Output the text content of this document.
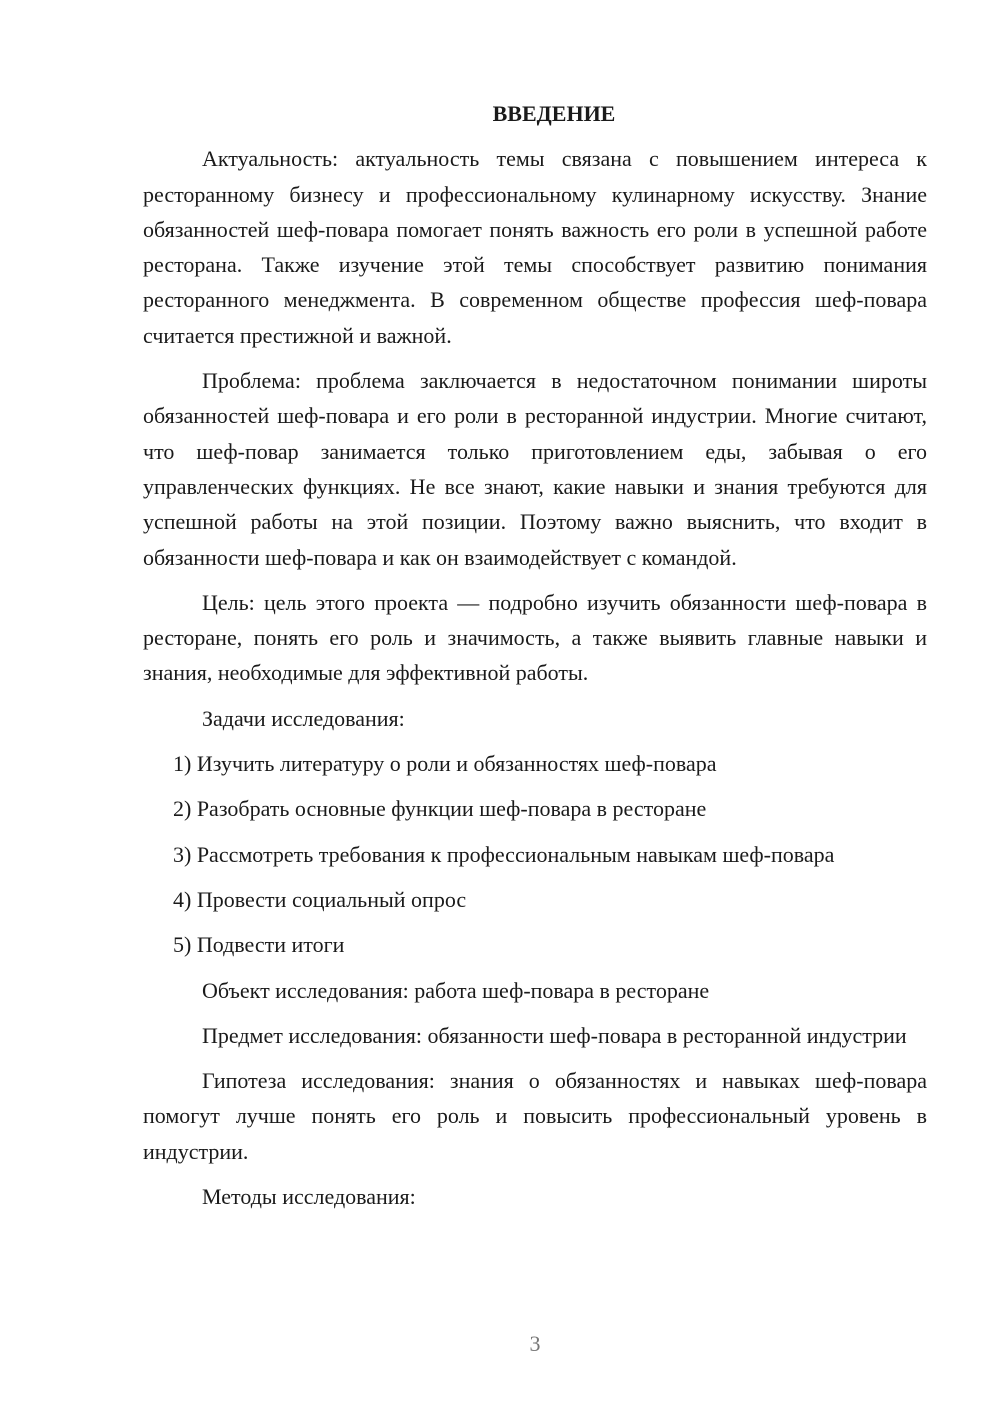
ВВЕДЕНИЕ

Актуальность: актуальность темы связана с повышением интереса к ресторанному бизнесу и профессиональному кулинарному искусству. Знание обязанностей шеф-повара помогает понять важность его роли в успешной работе ресторана. Также изучение этой темы способствует развитию понимания ресторанного менеджмента. В современном обществе профессия шеф-повара считается престижной и важной.

Проблема: проблема заключается в недостаточном понимании широты обязанностей шеф-повара и его роли в ресторанной индустрии. Многие считают, что шеф-повар занимается только приготовлением еды, забывая о его управленческих функциях. Не все знают, какие навыки и знания требуются для успешной работы на этой позиции. Поэтому важно выяснить, что входит в обязанности шеф-повара и как он взаимодействует с командой.

Цель: цель этого проекта — подробно изучить обязанности шеф-повара в ресторане, понять его роль и значимость, а также выявить главные навыки и знания, необходимые для эффективной работы.

Задачи исследования:

1) Изучить литературу о роли и обязанностях шеф-повара
2) Разобрать основные функции шеф-повара в ресторане
3) Рассмотреть требования к профессиональным навыкам шеф-повара
4) Провести социальный опрос
5) Подвести итоги

Объект исследования: работа шеф-повара в ресторане

Предмет исследования: обязанности шеф-повара в ресторанной индустрии

Гипотеза исследования: знания о обязанностях и навыках шеф-повара помогут лучше понять его роль и повысить профессиональный уровень в индустрии.

Методы исследования:

3
